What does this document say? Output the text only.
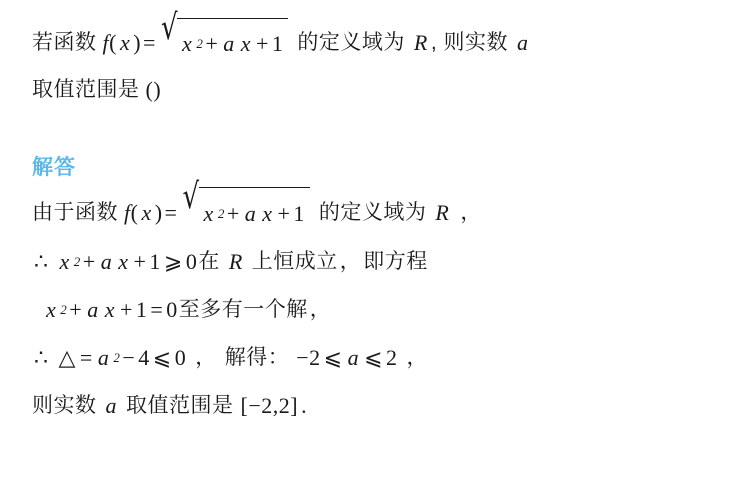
若函数 f ( x ) = √ x 2 + a x + 1 的定义域为 R , 则实数 a
取值范围是 ()
解答
由于函数 f ( x ) = √ x 2 + a x + 1 的定义域为 R ，
∴ x 2 + a x + 1 ⩾ 0 在 R 上恒成立 ， 即方程
x 2 + a x + 1 = 0 至多有一个解 ，
∴ △ = a 2 − 4 ⩽ 0 ， 解得： −2 ⩽ a ⩽ 2 ，
则实数 a 取值范围是 [−2,2] .
